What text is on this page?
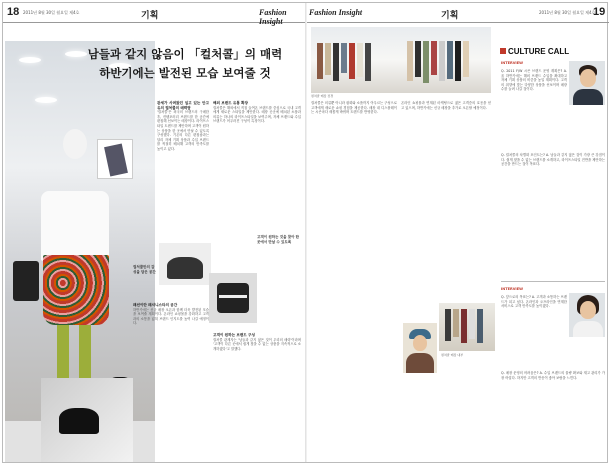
18 2011년 8월 30일 월요일 제4호	기획	Fashion Insight
남들과 같지 않음이 「컬처콜」의 매력
하반기에는 발전된 모습 보여줄 것
관세가 사려왔던 일고 있는 안고유의 컬처콜의 매력탐
'컬처콜'은 외국의 브랜드의 구매한 후, 컨템포러리 브랜드를 한 공간에 편집해 선보이는 매장이다. 라이프스타일 트렌드를 제안하며 고객이 원하는 상품을 한 곳에서 만날 수 있도록 구성했다. 기존의 다른 편집숍과는 달리 자체 기획 상품과 수입 브랜드를 적절히 배치해 고객의 만족도를 높이고 있다.
해외 브랜드 유통 확장
컬처콜은 해외에서 직접 들여온 브랜드를 중심으로 국내 고객에게 새로운 스타일을 제안한다. 매장 곳곳에 배치된 소품과 의류는 하나의 라이프스타일을 보여주며, 자체 브랜드와 수입 브랜드가 어우러진 구성이 특징이다.
패션이란 패셔니스타의 공간
하반기에는 신규 매장 오픈과 함께 더욱 발전된 모습을 보여줄 계획이다. 온라인 쇼핑몰을 강화하고 고객과의 소통을 넓혀 브랜드 인지도를 높여 나갈 예정이다.
고객이 원하는 브랜드 구성
컬처콜 관계자는 '남들과 같지 않은 것이 우리의 매력'이라며 '고객이 다른 곳에서 쉽게 찾을 수 없는 상품을 지속적으로 소개하겠다'고 말했다.
고객이 원하는 것을 찾아 한 곳에서 만날 수 있도록
컬처콜만의 감성을 담은 공간
Fashion Insight	기획	2011년 8월 30일 월요일 제4호
19
컬처콜 매장 전경
CULTURE CALL
INTERVIEW
Q. 2011 F/W 시즌 브랜드 운영 계획은? A. 올 하반기에는 해외 브랜드 수입을 확대하고 자체 기획 상품의 비중을 높일 계획이다. 고객의 취향에 맞는 다양한 상품을 선보이며 매장 수를 늘려 나갈 것이다.
Q. 컬처콜의 차별화 포인트는? A. 남들과 같지 않은 것이 가장 큰 강점이다. 쉽게 찾을 수 없는 브랜드를 소개하고, 라이프스타일 전반을 제안하는 공간을 만드는 것이 목표다.
INTERVIEW
Q. 앞으로의 목표는? A. 고객과 소통하는 브랜드가 되고 싶다. 온라인과 오프라인을 연계한 서비스로 고객 만족도를 높이겠다.
Q. 매장 운영의 어려움은? A. 수입 브랜드의 물량 확보와 재고 관리가 가장 어렵다. 하지만 고객의 반응이 좋아 보람을 느낀다.
컬처콜은 의류뿐 아니라 잡화와 소품까지 아우르는 구성으로 고객에게 새로운 쇼핑 경험을 제공한다. 매장 내 디스플레이는 시즌마다 새롭게 바뀌며 트렌드를 반영한다.
온라인 쇼핑몰과 연계된 마케팅으로 젊은 고객층의 호응을 얻고 있으며, 하반기에는 신규 매장을 추가로 오픈할 예정이다.
컬처콜 매장 내부
